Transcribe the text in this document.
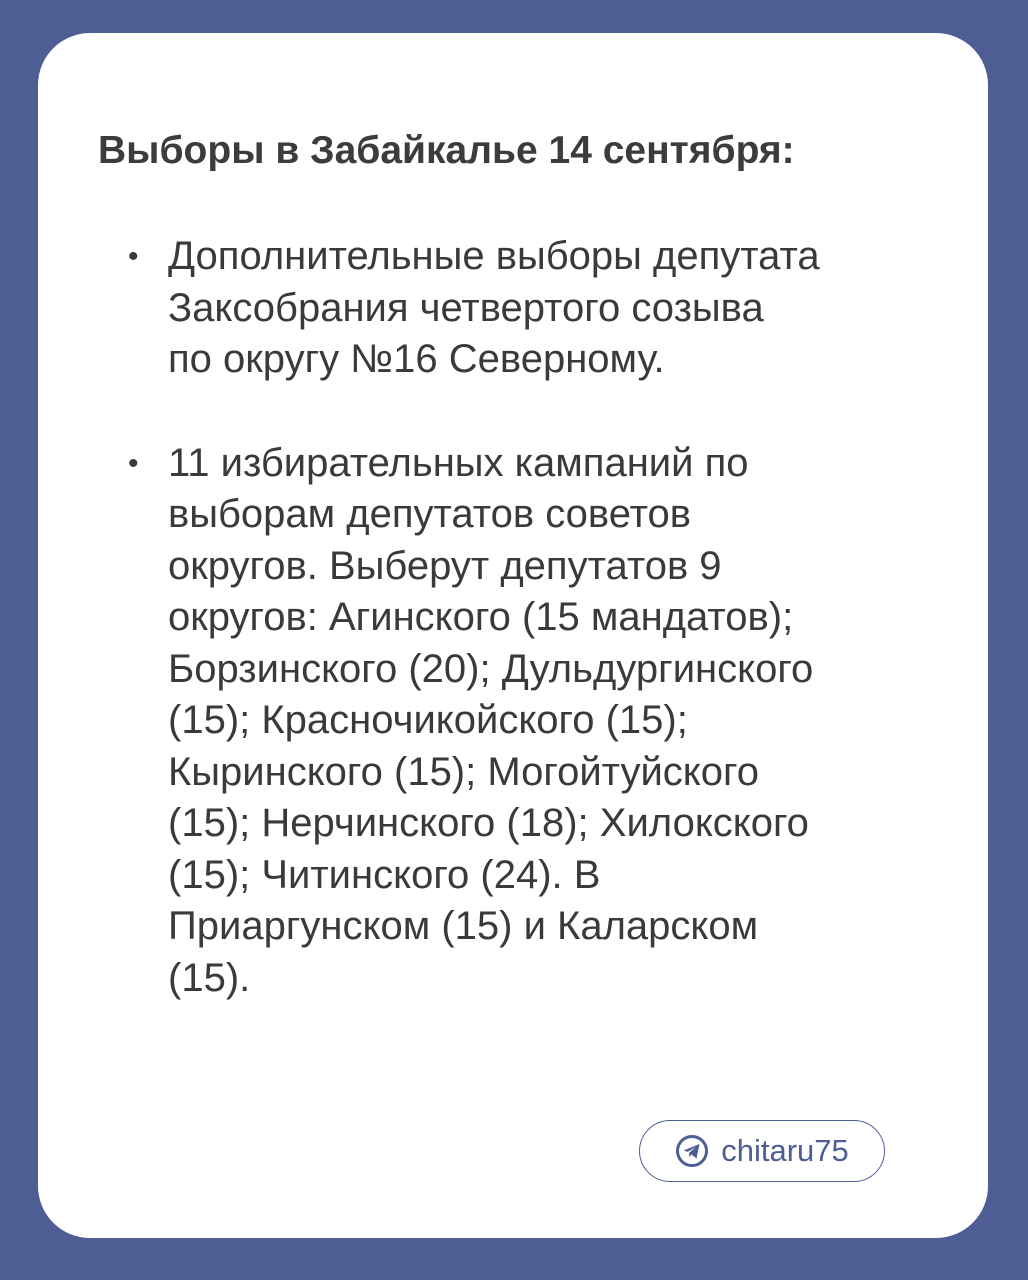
Выборы в Забайкалье 14 сентября:
• Дополнительные выборы депутата
Заксобрания четвертого созыва
по округу №16 Северному.
• 11 избирательных кампаний по
выборам депутатов советов
округов. Выберут депутатов 9
округов: Агинского (15 мандатов);
Борзинского (20); Дульдургинского
(15); Красночикойского (15);
Кыринского (15); Могойтуйского
(15); Нерчинского (18); Хилокского
(15); Читинского (24). В
Приаргунском (15) и Каларском
(15).
chitaru75
